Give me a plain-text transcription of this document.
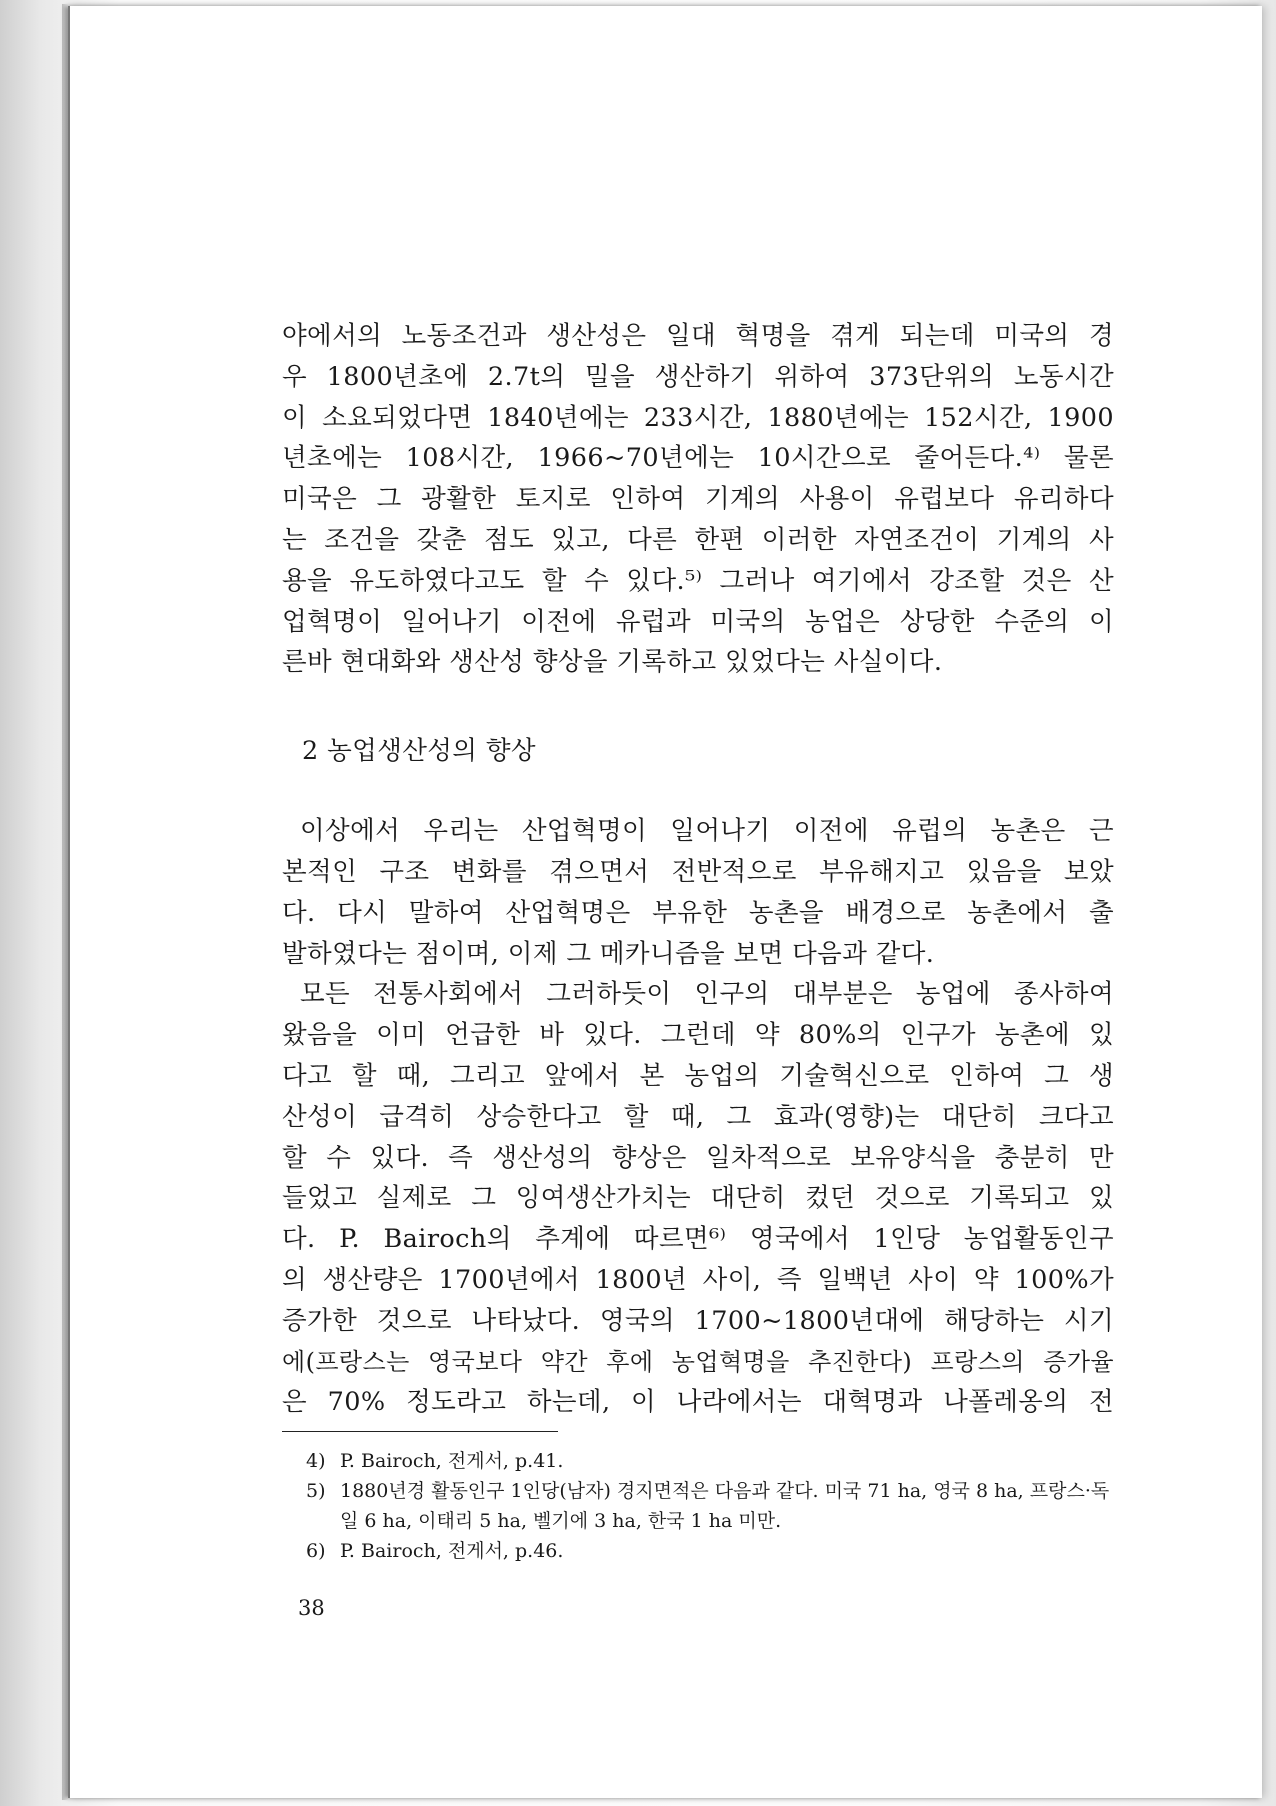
야에서의 노동조건과 생산성은 일대 혁명을 겪게 되는데 미국의 경

우 1800년초에 2.7t의 밀을 생산하기 위하여 373단위의 노동시간

이 소요되었다면 1840년에는 233시간, 1880년에는 152시간, 1900

년초에는 108시간, 1966~70년에는 10시간으로 줄어든다.⁴⁾ 물론

미국은 그 광활한 토지로 인하여 기계의 사용이 유럽보다 유리하다

는 조건을 갖춘 점도 있고, 다른 한편 이러한 자연조건이 기계의 사

용을 유도하였다고도 할 수 있다.⁵⁾ 그러나 여기에서 강조할 것은 산

업혁명이 일어나기 이전에 유럽과 미국의 농업은 상당한 수준의 이

른바 현대화와 생산성 향상을 기록하고 있었다는 사실이다.

2 농업생산성의 향상

이상에서 우리는 산업혁명이 일어나기 이전에 유럽의 농촌은 근

본적인 구조 변화를 겪으면서 전반적으로 부유해지고 있음을 보았

다. 다시 말하여 산업혁명은 부유한 농촌을 배경으로 농촌에서 출

발하였다는 점이며, 이제 그 메카니즘을 보면 다음과 같다.

모든 전통사회에서 그러하듯이 인구의 대부분은 농업에 종사하여

왔음을 이미 언급한 바 있다. 그런데 약 80%의 인구가 농촌에 있

다고 할 때, 그리고 앞에서 본 농업의 기술혁신으로 인하여 그 생

산성이 급격히 상승한다고 할 때, 그 효과(영향)는 대단히 크다고

할 수 있다. 즉 생산성의 향상은 일차적으로 보유양식을 충분히 만

들었고 실제로 그 잉여생산가치는 대단히 컸던 것으로 기록되고 있

다. P. Bairoch의 추계에 따르면⁶⁾ 영국에서 1인당 농업활동인구

의 생산량은 1700년에서 1800년 사이, 즉 일백년 사이 약 100%가

증가한 것으로 나타났다. 영국의 1700~1800년대에 해당하는 시기

에(프랑스는 영국보다 약간 후에 농업혁명을 추진한다) 프랑스의 증가율

은 70% 정도라고 하는데, 이 나라에서는 대혁명과 나폴레옹의 전

4) P. Bairoch, 전게서, p.41.
5) 1880년경 활동인구 1인당(남자) 경지면적은 다음과 같다. 미국 71 ha, 영국 8 ha, 프랑스·독일 6 ha, 이태리 5 ha, 벨기에 3 ha, 한국 1 ha 미만.
6) P. Bairoch, 전게서, p.46.
38
